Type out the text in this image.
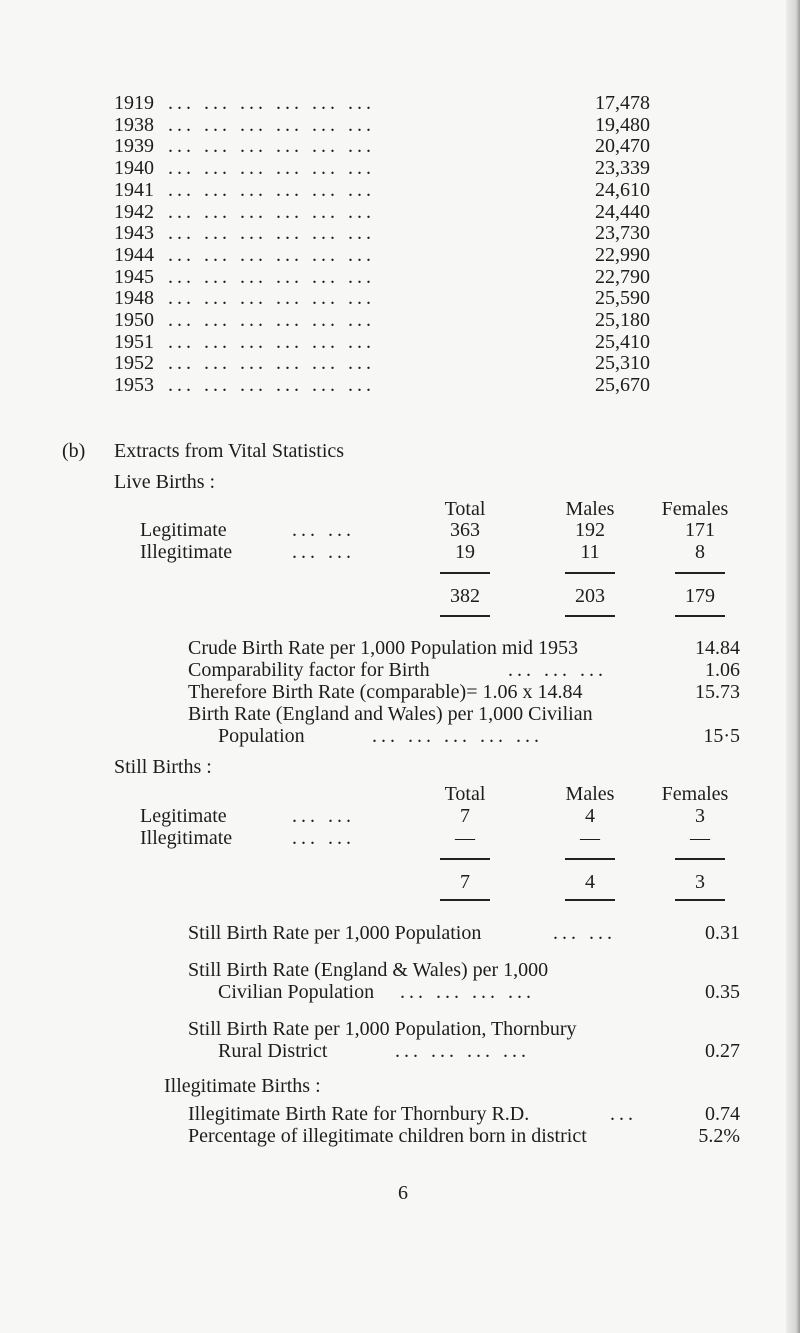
1919 ... ... ... ... ... ...	17,478
1938 ... ... ... ... ... ...	19,480
1939 ... ... ... ... ... ...	20,470
1940 ... ... ... ... ... ...	23,339
1941 ... ... ... ... ... ...	24,610
1942 ... ... ... ... ... ...	24,440
1943 ... ... ... ... ... ...	23,730
1944 ... ... ... ... ... ...	22,990
1945 ... ... ... ... ... ...	22,790
1948 ... ... ... ... ... ...	25,590
1950 ... ... ... ... ... ...	25,180
1951 ... ... ... ... ... ...	25,410
1952 ... ... ... ... ... ...	25,310
1953 ... ... ... ... ... ...	25,670
(b) Extracts from Vital Statistics
Live Births :
Total	Males	Females
Legitimate	... ...	363	192	171
Illegitimate	... ...	19	11	8
382	203	179
Crude Birth Rate per 1,000 Population mid 1953	14.84
Comparability factor for Birth	... ... ...	1.06
Therefore Birth Rate (comparable)= 1.06 x 14.84	15.73
Birth Rate (England and Wales) per 1,000 Civilian
Population	... ... ... ... ...	15·5
Still Births :
Total	Males	Females
Legitimate	... ...	7	4	3
Illegitimate	... ...	—	—	—
7	4	3
Still Birth Rate per 1,000 Population	... ...	0.31
Still Birth Rate (England & Wales) per 1,000
Civilian Population ... ... ... ...	0.35
Still Birth Rate per 1,000 Population, Thornbury
Rural District	... ... ... ...	0.27
Illegitimate Births :
Illegitimate Birth Rate for Thornbury R.D.	...	0.74
Percentage of illegitimate children born in district	5.2%
6
